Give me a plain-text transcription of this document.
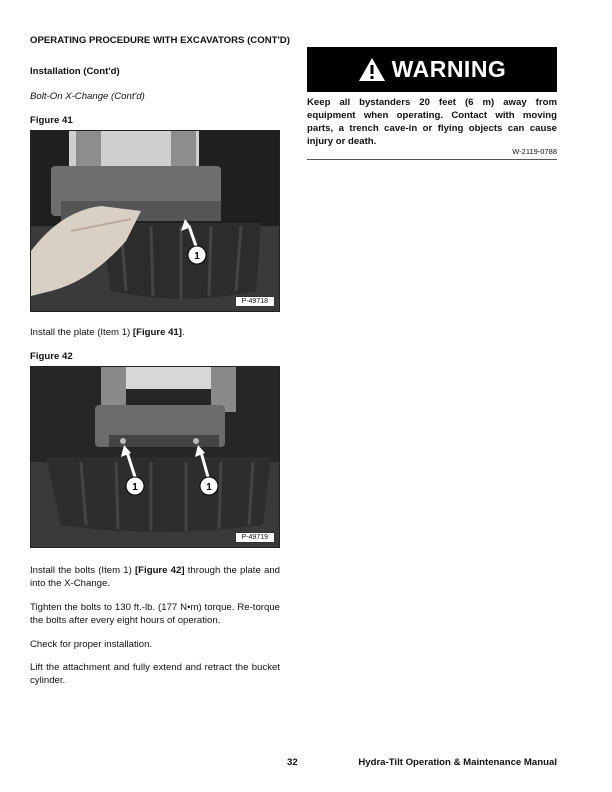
OPERATING PROCEDURE WITH EXCAVATORS (CONT'D)
Installation (Cont'd)
Bolt-On X-Change (Cont'd)
Figure 41
1
P-49718
Install the plate (Item 1) [Figure 41].
Figure 42
1	1
P-49719
Install the bolts (Item 1) [Figure 42] through the plate and into the X-Change.
Tighten the bolts to 130 ft.-lb. (177 N•m) torque. Re-torque the bolts after every eight hours of operation.
Check for proper installation.
Lift the attachment and fully extend and retract the bucket cylinder.
WARNING
Keep all bystanders 20 feet (6 m) away from equipment when operating. Contact with moving parts, a trench cave-in or flying objects can cause injury or death.
W-2119-0788
32	Hydra-Tilt Operation & Maintenance Manual
